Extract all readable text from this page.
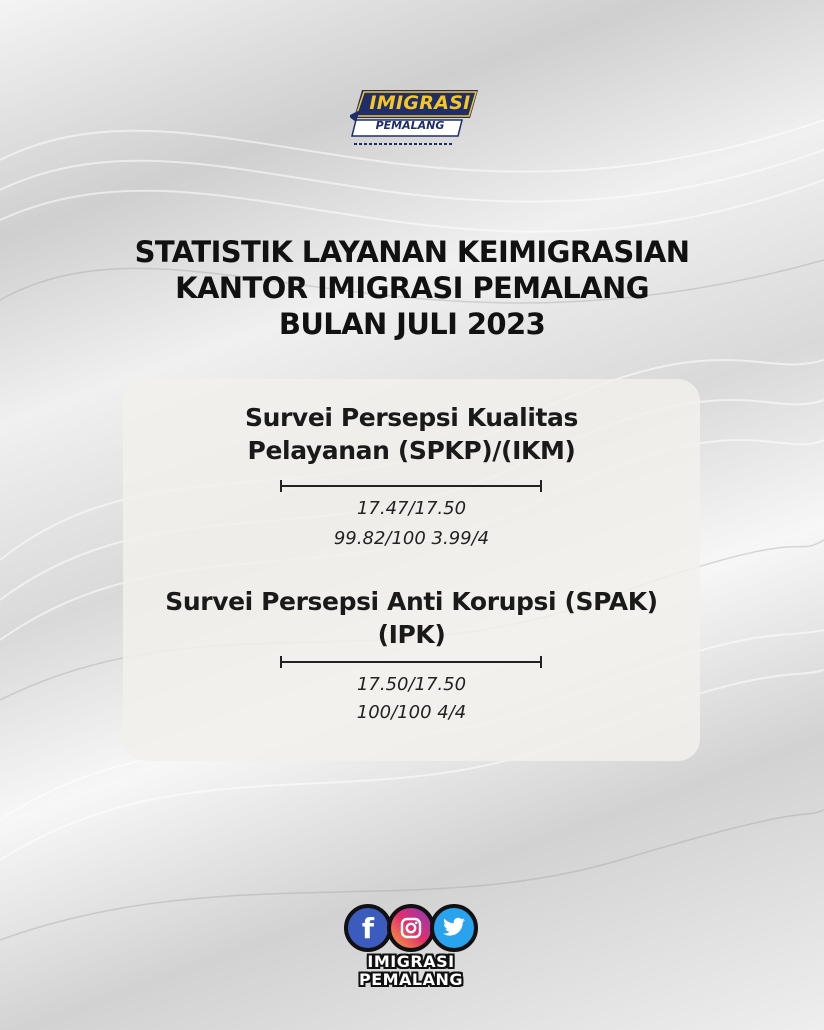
IMIGRASI
PEMALANG
STATISTIK LAYANAN KEIMIGRASIAN
KANTOR IMIGRASI PEMALANG
BULAN JULI 2023
Survei Persepsi Kualitas
Pelayanan (SPKP)/(IKM)
17.47/17.50
99.82/100 3.99/4
Survei Persepsi Anti Korupsi (SPAK)
(IPK)
17.50/17.50
100/100 4/4
f
IMIGRASI
PEMALANG
